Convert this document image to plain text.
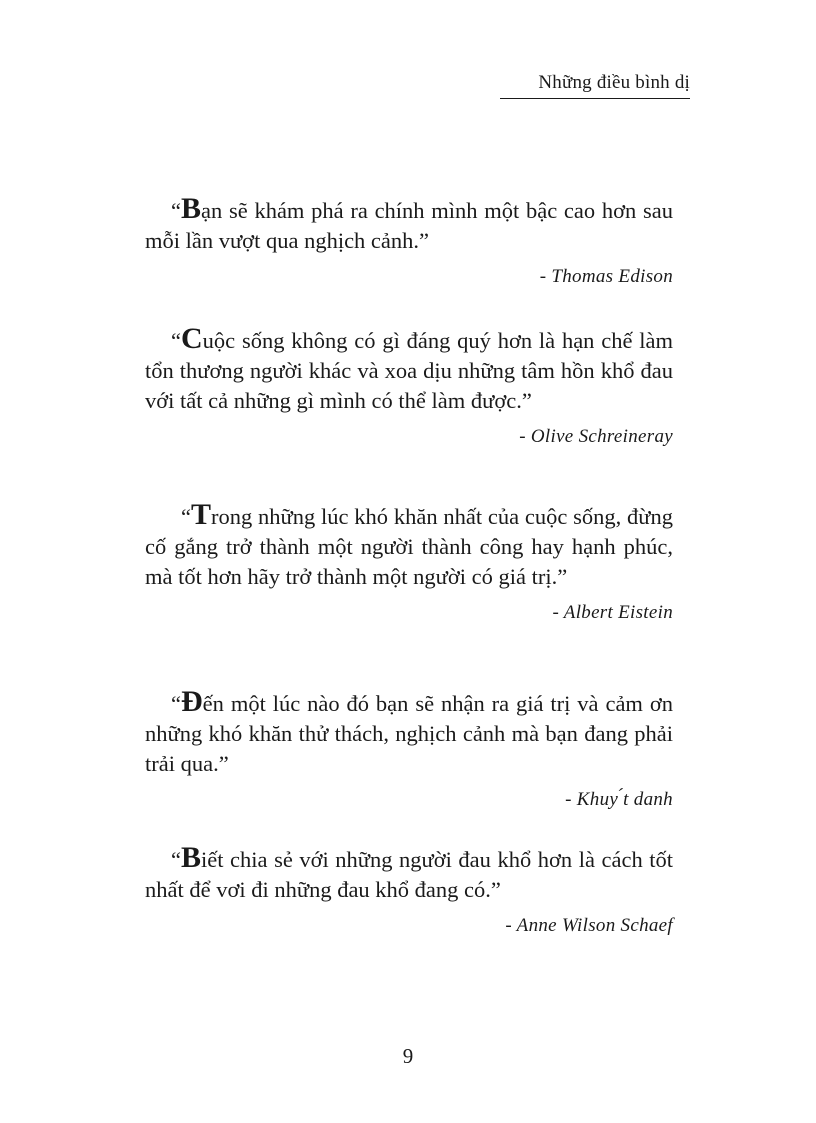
Những điều bình dị

“Bạn sẽ khám phá ra chính mình một bậc cao hơn sau mỗi lần vượt qua nghịch cảnh.”

- Thomas Edison

“Cuộc sống không có gì đáng quý hơn là hạn chế làm tổn thương người khác và xoa dịu những tâm hồn khổ đau với tất cả những gì mình có thể làm được.”

- Olive Schreineray

“Trong những lúc khó khăn nhất của cuộc sống, đừng cố gắng trở thành một người thành công hay hạnh phúc, mà tốt hơn hãy trở thành một người có giá trị.”

- Albert Eistein

“Đến một lúc nào đó bạn sẽ nhận ra giá trị và cảm ơn những khó khăn thử thách, nghịch cảnh mà bạn đang phải trải qua.”

- Khuy ́t danh

“Biết chia sẻ với những người đau khổ hơn là cách tốt nhất để vơi đi những đau khổ đang có.”

- Anne Wilson Schaef
9
